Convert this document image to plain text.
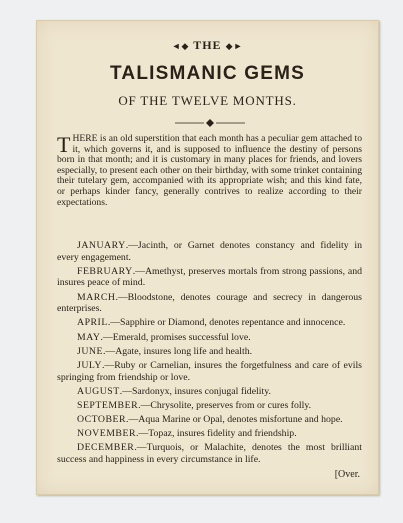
◄◆ THE ◆►
TALISMANIC GEMS
OF THE TWELVE MONTHS.
T HERE is an old superstition that each month has a peculiar gem attached to it, which governs it, and is supposed to influence the destiny of persons born in that month; and it is customary in many places for friends, and lovers especially, to present each other on their birthday, with some trinket containing their tutelary gem, accompanied with its appropriate wish; and this kind fate, or perhaps kinder fancy, generally contrives to realize according to their expectations.

JANUARY.—Jacinth, or Garnet denotes constancy and fidelity in every engagement.

FEBRUARY.—Amethyst, preserves mortals from strong passions, and insures peace of mind.

MARCH.—Bloodstone, denotes courage and secrecy in dangerous enterprises.

APRIL.—Sapphire or Diamond, denotes repentance and innocence.

MAY.—Emerald, promises successful love.

JUNE.—Agate, insures long life and health.

JULY.—Ruby or Carnelian, insures the forgetfulness and care of evils springing from friendship or love.

AUGUST.—Sardonyx, insures conjugal fidelity.

SEPTEMBER.—Chrysolite, preserves from or cures folly.

OCTOBER.—Aqua Marine or Opal, denotes misfortune and hope.

NOVEMBER.—Topaz, insures fidelity and friendship.

DECEMBER.—Turquois, or Malachite, denotes the most brilliant success and happiness in every circumstance in life.

[Over.
